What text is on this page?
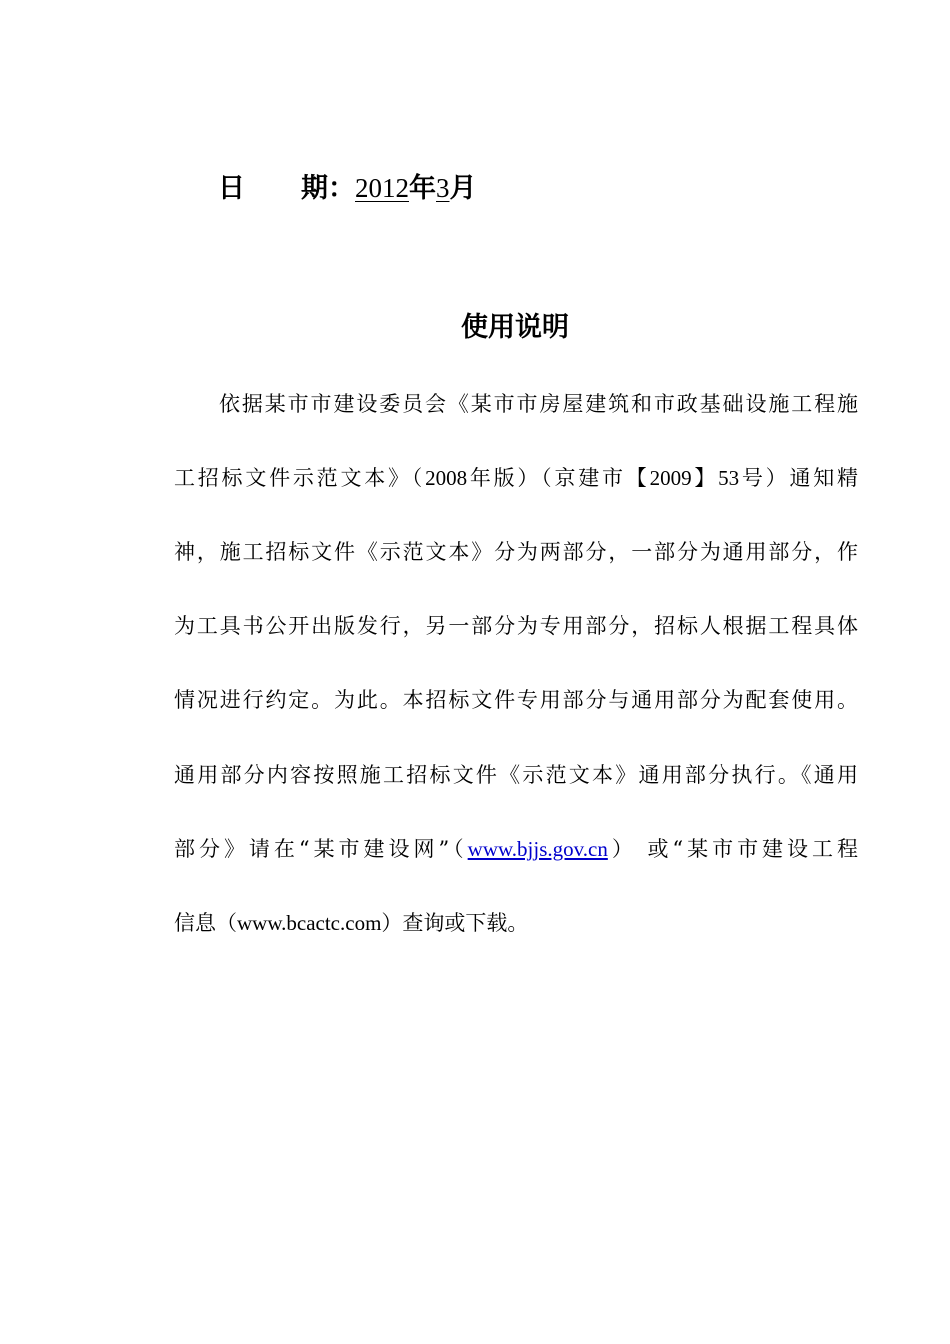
日 期：2012年3月
使用说明
依据某市市建设委员会《某市市房屋建筑和市政基础设施工程施
工招标文件示范文本》（2008年版）（京建市【2009】53号）通知精
神，施工招标文件《示范文本》分为两部分，一部分为通用部分，作
为工具书公开出版发行，另一部分为专用部分，招标人根据工程具体
情况进行约定。为此。本招标文件专用部分与通用部分为配套使用。
通用部分内容按照施工招标文件《示范文本》通用部分执行。《通用
部分》请在“某市建设网”（www.bjjs.gov.cn） 或“某市市建设工程
信息（www.bcactc.com）查询或下载。
